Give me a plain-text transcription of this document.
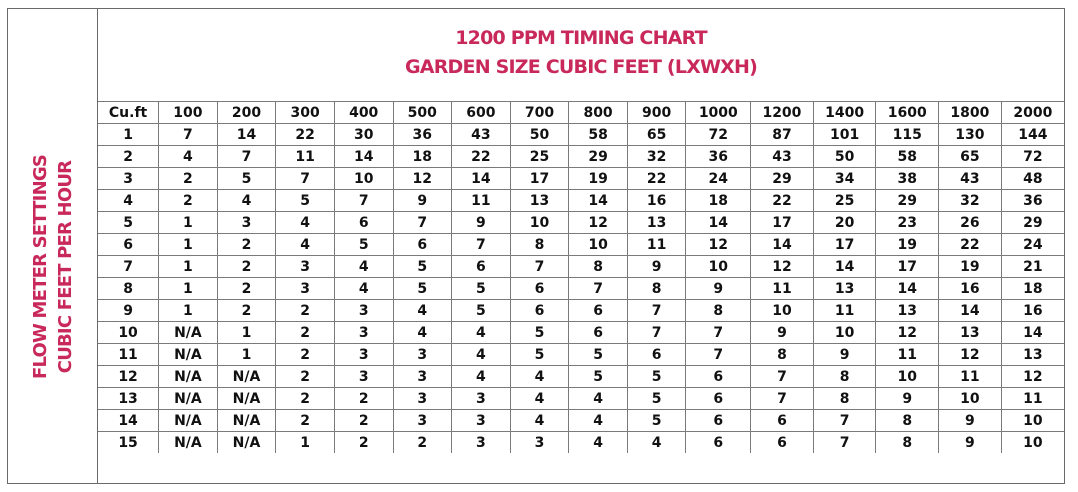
FLOW METER SETTINGS CUBIC FEET PER HOUR
1200 PPM TIMING CHART
GARDEN SIZE CUBIC FEET (LXWXH)
Cu.ft	100	200	300	400	500	600	700	800	900	1000	1200	1400	1600	1800	2000
1	7	14	22	30	36	43	50	58	65	72	87	101	115	130	144
2	4	7	11	14	18	22	25	29	32	36	43	50	58	65	72
3	2	5	7	10	12	14	17	19	22	24	29	34	38	43	48
4	2	4	5	7	9	11	13	14	16	18	22	25	29	32	36
5	1	3	4	6	7	9	10	12	13	14	17	20	23	26	29
6	1	2	4	5	6	7	8	10	11	12	14	17	19	22	24
7	1	2	3	4	5	6	7	8	9	10	12	14	17	19	21
8	1	2	3	4	5	5	6	7	8	9	11	13	14	16	18
9	1	2	2	3	4	5	6	6	7	8	10	11	13	14	16
10	N/A	1	2	3	4	4	5	6	7	7	9	10	12	13	14
11	N/A	1	2	3	3	4	5	5	6	7	8	9	11	12	13
12	N/A	N/A	2	3	3	4	4	5	5	6	7	8	10	11	12
13	N/A	N/A	2	2	3	3	4	4	5	6	7	8	9	10	11
14	N/A	N/A	2	2	3	3	4	4	5	6	6	7	8	9	10
15	N/A	N/A	1	2	2	3	3	4	4	6	6	7	8	9	10
